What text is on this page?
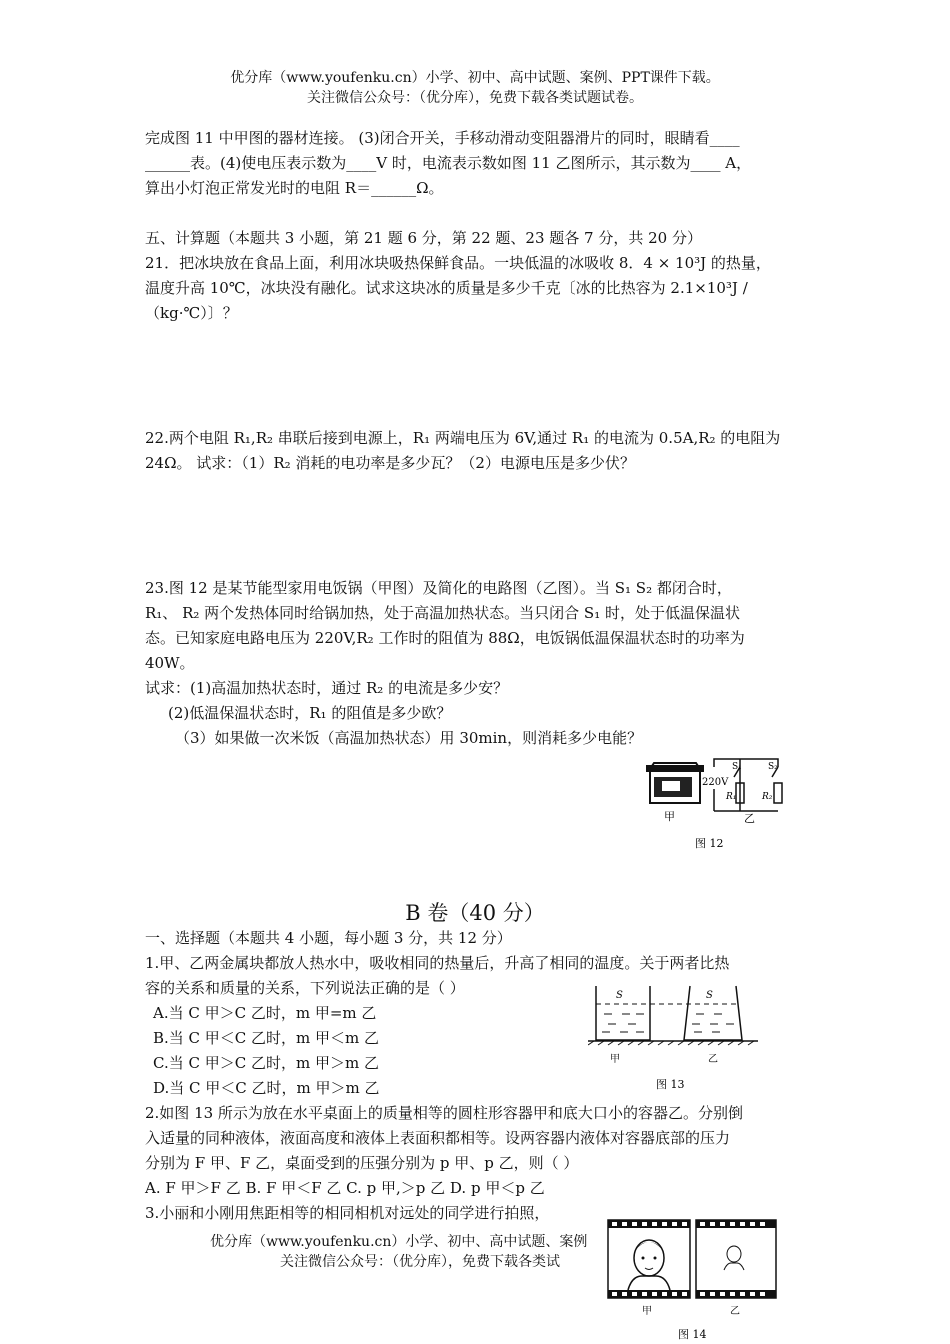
优分库（www.youfenku.cn）小学、初中、高中试题、案例、PPT课件下载。
关注微信公众号：（优分库），免费下载各类试题试卷。
完成图 11 中甲图的器材连接。 (3)闭合开关，手移动滑动变阻器滑片的同时，眼睛看____
______表。(4)使电压表示数为____V 时，电流表示数如图 11 乙图所示，其示数为____ A，
算出小灯泡正常发光时的电阻 R＝______Ω。
五、计算题（本题共 3 小题，第 21 题 6 分，第 22 题、23 题各 7 分，共 20 分）
21．把冰块放在食品上面，利用冰块吸热保鲜食品。一块低温的冰吸收 8．4 × 10³J 的热量，
温度升高 10℃，冰块没有融化。试求这块冰的质量是多少千克〔冰的比热容为 2.1×10³J /
（kg·℃）〕？
22.两个电阻 R₁,R₂ 串联后接到电源上，R₁ 两端电压为 6V,通过 R₁ 的电流为 0.5A,R₂ 的电阻为
24Ω。 试求：（1）R₂ 消耗的电功率是多少瓦？（2）电源电压是多少伏？
23.图 12 是某节能型家用电饭锅（甲图）及简化的电路图（乙图）。当 S₁ S₂ 都闭合时，
R₁、 R₂ 两个发热体同时给锅加热，处于高温加热状态。当只闭合 S₁ 时，处于低温保温状
态。已知家庭电路电压为 220V,R₂ 工作时的阻值为 88Ω，电饭锅低温保温状态时的功率为
40W。
试求：(1)高温加热状态时，通过 R₂ 的电流是多少安？
(2)低温保温状态时，R₁ 的阻值是多少欧？
（3）如果做一次米饭（高温加热状态）用 30min，则消耗多少电能？
甲
220V
S₁	S₂
R₁	R₂
乙
图 12
B 卷（40 分）
一、选择题（本题共 4 小题，每小题 3 分，共 12 分）
1.甲、乙两金属块都放人热水中，吸收相同的热量后，升高了相同的温度。关于两者比热
容的关系和质量的关系，下列说法正确的是（ ）
A.当 C 甲＞C 乙时，m 甲=m 乙
B.当 C 甲＜C 乙时，m 甲＜m 乙
C.当 C 甲＞C 乙时，m 甲＞m 乙
D.当 C 甲＜C 乙时，m 甲＞m 乙
S	S
甲	乙
图 13
2.如图 13 所示为放在水平桌面上的质量相等的圆柱形容器甲和底大口小的容器乙。分别倒
入适量的同种液体，液面高度和液体上表面积都相等。设两容器内液体对容器底部的压力
分别为 F 甲、F 乙，桌面受到的压强分别为 p 甲、p 乙，则（ ）
A. F 甲＞F 乙 B. F 甲＜F 乙 C. p 甲,＞p 乙 D. p 甲＜p 乙
3.小丽和小刚用焦距相等的相同相机对远处的同学进行拍照，
优分库（www.youfenku.cn）小学、初中、高中试题、案例
关注微信公众号：（优分库），免费下载各类试
甲	乙
图 14
